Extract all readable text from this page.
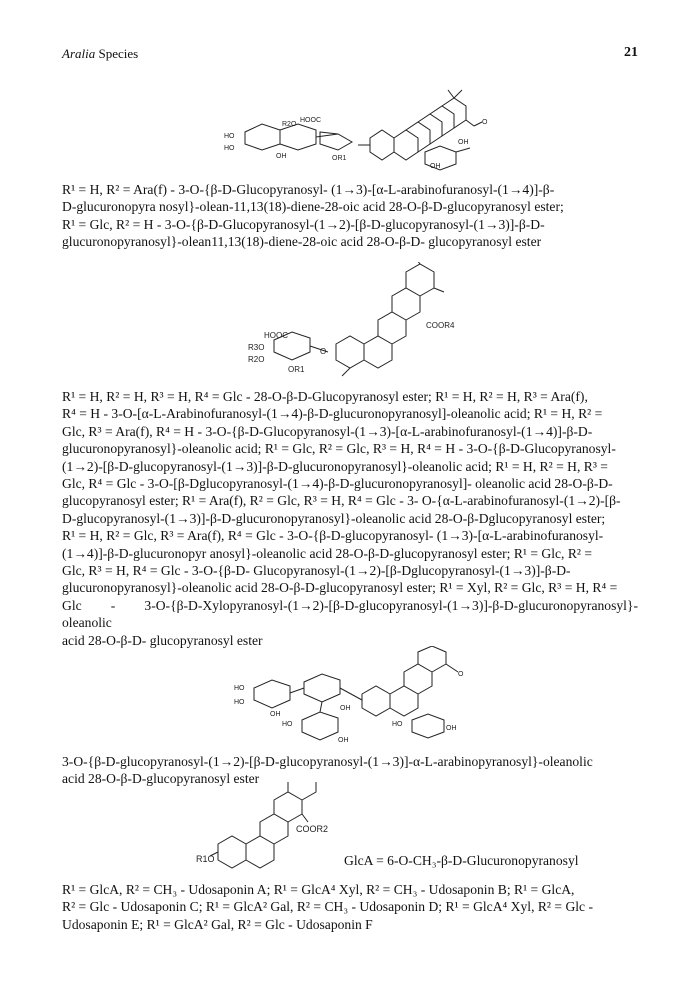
Aralia Species	21
HO
HO
R2O
HOOC
OR1
OH
OH
OH
O
R¹ = H, R² = Ara(f) - 3-O-{β-D-Glucopyranosyl- (1→3)-[α-L-arabinofuranosyl-(1→4)]-β-
D-glucuronopyra nosyl}-olean-11,13(18)-diene-28-oic acid 28-O-β-D-glucopyranosyl ester;
R¹ = Glc, R² = H - 3-O-{β-D-Glucopyranosyl-(1→2)-[β-D-glucopyranosyl-(1→3)]-β-D-
glucuronopyranosyl}-olean11,13(18)-diene-28-oic acid 28-O-β-D- glucopyranosyl ester
HOOC
R3O
R2O
OR1
O
COOR4
R¹ = H, R² = H, R³ = H, R⁴ = Glc - 28-O-β-D-Glucopyranosyl ester; R¹ = H, R² = H, R³ = Ara(f),
R⁴ = H - 3-O-[α-L-Arabinofuranosyl-(1→4)-β-D-glucuronopyranosyl]-oleanolic acid; R¹ = H, R² =
Glc, R³ = Ara(f), R⁴ = H - 3-O-{β-D-Glucopyranosyl-(1→3)-[α-L-arabinofuranosyl-(1→4)]-β-D-
glucuronopyranosyl}-oleanolic acid; R¹ = Glc, R² = Glc, R³ = H, R⁴ = H - 3-O-{β-D-Glucopyranosyl-
(1→2)-[β-D-glucopyranosyl-(1→3)]-β-D-glucuronopyranosyl}-oleanolic acid; R¹ = H, R² = H, R³ =
Glc, R⁴ = Glc - 3-O-[β-Dglucopyranosyl-(1→4)-β-D-glucuronopyranosyl]- oleanolic acid 28-O-β-D-
glucopyranosyl ester; R¹ = Ara(f), R² = Glc, R³ = H, R⁴ = Glc - 3- O-{α-L-arabinofuranosyl-(1→2)-[β-
D-glucopyranosyl-(1→3)]-β-D-glucuronopyranosyl}-oleanolic acid 28-O-β-Dglucopyranosyl ester;
R¹ = H, R² = Glc, R³ = Ara(f), R⁴ = Glc - 3-O-{β-D-glucopyranosyl- (1→3)-[α-L-arabinofuranosyl-
(1→4)]-β-D-glucuronopyr anosyl}-oleanolic acid 28-O-β-D-glucopyranosyl ester; R¹ = Glc, R² =
Glc, R³ = H, R⁴ = Glc - 3-O-{β-D- Glucopyranosyl-(1→2)-[β-Dglucopyranosyl-(1→3)]-β-D-
glucuronopyranosyl}-oleanolic acid 28-O-β-D-glucopyranosyl ester; R¹ = Xyl, R² = Glc, R³ = H, R⁴ =
Glc - 3-O-{β-D-Xylopyranosyl-(1→2)-[β-D-glucopyranosyl-(1→3)]-β-D-glucuronopyranosyl}- oleanolic
acid 28-O-β-D- glucopyranosyl ester
HO
HO
HO	HO
OH
OH
OH
OH
O
3-O-{β-D-glucopyranosyl-(1→2)-[β-D-glucopyranosyl-(1→3)]-α-L-arabinopyranosyl}-oleanolic
acid 28-O-β-D-glucopyranosyl ester
R1O
COOR2
GlcA = 6-O-CH₃-β-D-Glucuronopyranosyl
R¹ = GlcA, R² = CH₃ - Udosaponin A; R¹ = GlcA⁴ Xyl, R² = CH₃ - Udosaponin B; R¹ = GlcA,
R² = Glc - Udosaponin C; R¹ = GlcA² Gal, R² = CH₃ - Udosaponin D; R¹ = GlcA⁴ Xyl, R² = Glc -
Udosaponin E; R¹ = GlcA² Gal, R² = Glc - Udosaponin F
